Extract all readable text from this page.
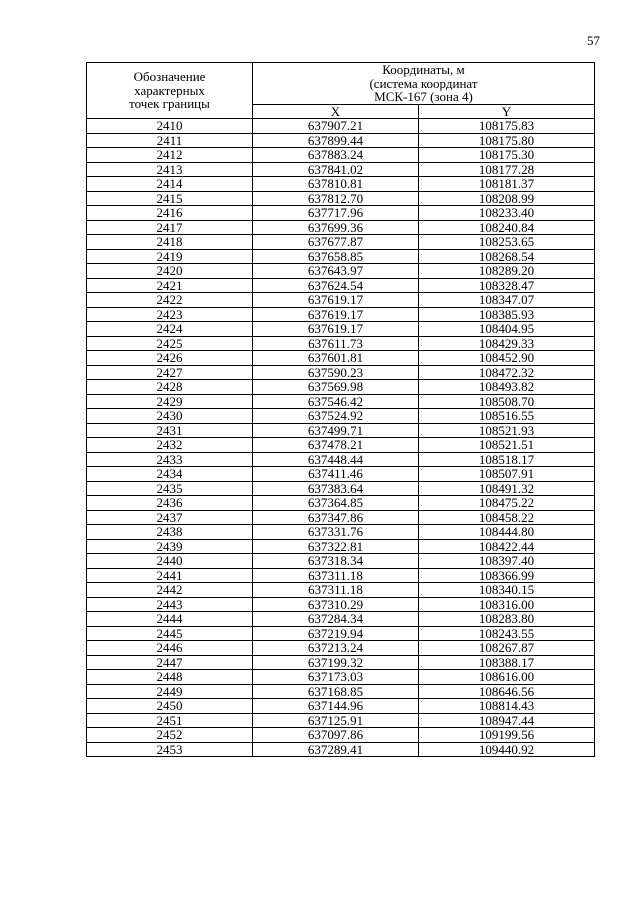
57
Обозначение
характерных
точек границы	Координаты, м
(система координат
МСК-167 (зона 4)	

	X	Y
2410	637907.21	108175.83
2411	637899.44	108175.80
2412	637883.24	108175.30
2413	637841.02	108177.28
2414	637810.81	108181.37
2415	637812.70	108208.99
2416	637717.96	108233.40
2417	637699.36	108240.84
2418	637677.87	108253.65
2419	637658.85	108268.54
2420	637643.97	108289.20
2421	637624.54	108328.47
2422	637619.17	108347.07
2423	637619.17	108385.93
2424	637619.17	108404.95
2425	637611.73	108429.33
2426	637601.81	108452.90
2427	637590.23	108472.32
2428	637569.98	108493.82
2429	637546.42	108508.70
2430	637524.92	108516.55
2431	637499.71	108521.93
2432	637478.21	108521.51
2433	637448.44	108518.17
2434	637411.46	108507.91
2435	637383.64	108491.32
2436	637364.85	108475.22
2437	637347.86	108458.22
2438	637331.76	108444.80
2439	637322.81	108422.44
2440	637318.34	108397.40
2441	637311.18	108366.99
2442	637311.18	108340.15
2443	637310.29	108316.00
2444	637284.34	108283.80
2445	637219.94	108243.55
2446	637213.24	108267.87
2447	637199.32	108388.17
2448	637173.03	108616.00
2449	637168.85	108646.56
2450	637144.96	108814.43
2451	637125.91	108947.44
2452	637097.86	109199.56
2453	637289.41	109440.92
